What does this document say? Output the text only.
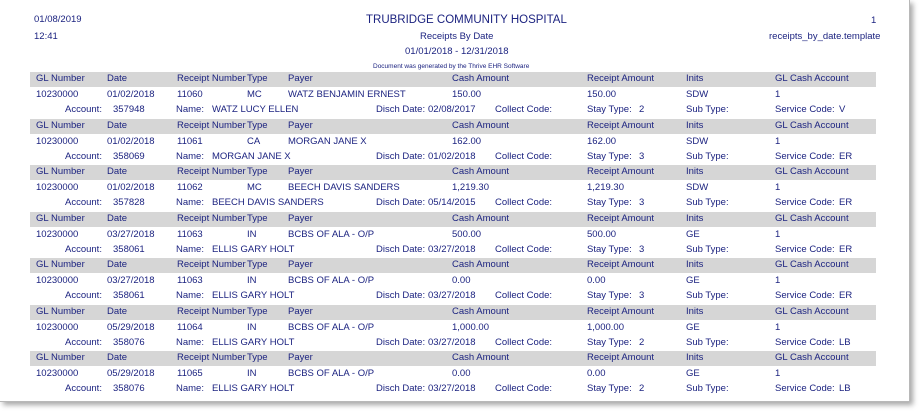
01/08/2019
12:41
TRUBRIDGE COMMUNITY HOSPITAL
Receipts By Date
01/01/2018 - 12/31/2018
Document was generated by the Thrive EHR Software
1
receipts_by_date.template
GL Number Date	Receipt Number Type Payer	Cash Amount	Receipt Amount	Inits	GL Cash Account
10230000	01/02/2018 11060	MC	WATZ BENJAMIN ERNEST	150.00	150.00	SDW	1
Account: 357948	Name: WATZ LUCY ELLEN	Disch Date: 02/08/2017 Collect Code:	Stay Type: 2	Sub Type:	Service Code: V
GL Number Date	Receipt Number Type Payer	Cash Amount	Receipt Amount	Inits	GL Cash Account
10230000	01/02/2018 11061	CA	MORGAN JANE X	162.00	162.00	SDW	1
Account: 358069	Name: MORGAN JANE X	Disch Date: 01/02/2018 Collect Code:	Stay Type: 3	Sub Type:	Service Code: ER
GL Number Date	Receipt Number Type Payer	Cash Amount	Receipt Amount	Inits	GL Cash Account
10230000	01/02/2018 11062	MC	BEECH DAVIS SANDERS	1,219.30	1,219.30	SDW	1
Account: 357828	Name: BEECH DAVIS SANDERS	Disch Date: 05/14/2015 Collect Code:	Stay Type: 3	Sub Type:	Service Code: ER
GL Number Date	Receipt Number Type Payer	Cash Amount	Receipt Amount	Inits	GL Cash Account
10230000	03/27/2018 11063	IN	BCBS OF ALA - O/P	500.00	500.00	GE	1
Account: 358061	Name: ELLIS GARY HOLT	Disch Date: 03/27/2018 Collect Code:	Stay Type: 3	Sub Type:	Service Code: ER
GL Number Date	Receipt Number Type Payer	Cash Amount	Receipt Amount	Inits	GL Cash Account
10230000	03/27/2018 11063	IN	BCBS OF ALA - O/P	0.00	0.00	GE	1
Account: 358061	Name: ELLIS GARY HOLT	Disch Date: 03/27/2018 Collect Code:	Stay Type: 3	Sub Type:	Service Code: ER
GL Number Date	Receipt Number Type Payer	Cash Amount	Receipt Amount	Inits	GL Cash Account
10230000	05/29/2018 11064	IN	BCBS OF ALA - O/P	1,000.00	1,000.00	GE	1
Account: 358076	Name: ELLIS GARY HOLT	Disch Date: 03/27/2018 Collect Code:	Stay Type: 2	Sub Type:	Service Code: LB
GL Number Date	Receipt Number Type Payer	Cash Amount	Receipt Amount	Inits	GL Cash Account
10230000	05/29/2018 11065	IN	BCBS OF ALA - O/P	0.00	0.00	GE	1
Account: 358076	Name: ELLIS GARY HOLT	Disch Date: 03/27/2018 Collect Code:	Stay Type: 2	Sub Type:	Service Code: LB
